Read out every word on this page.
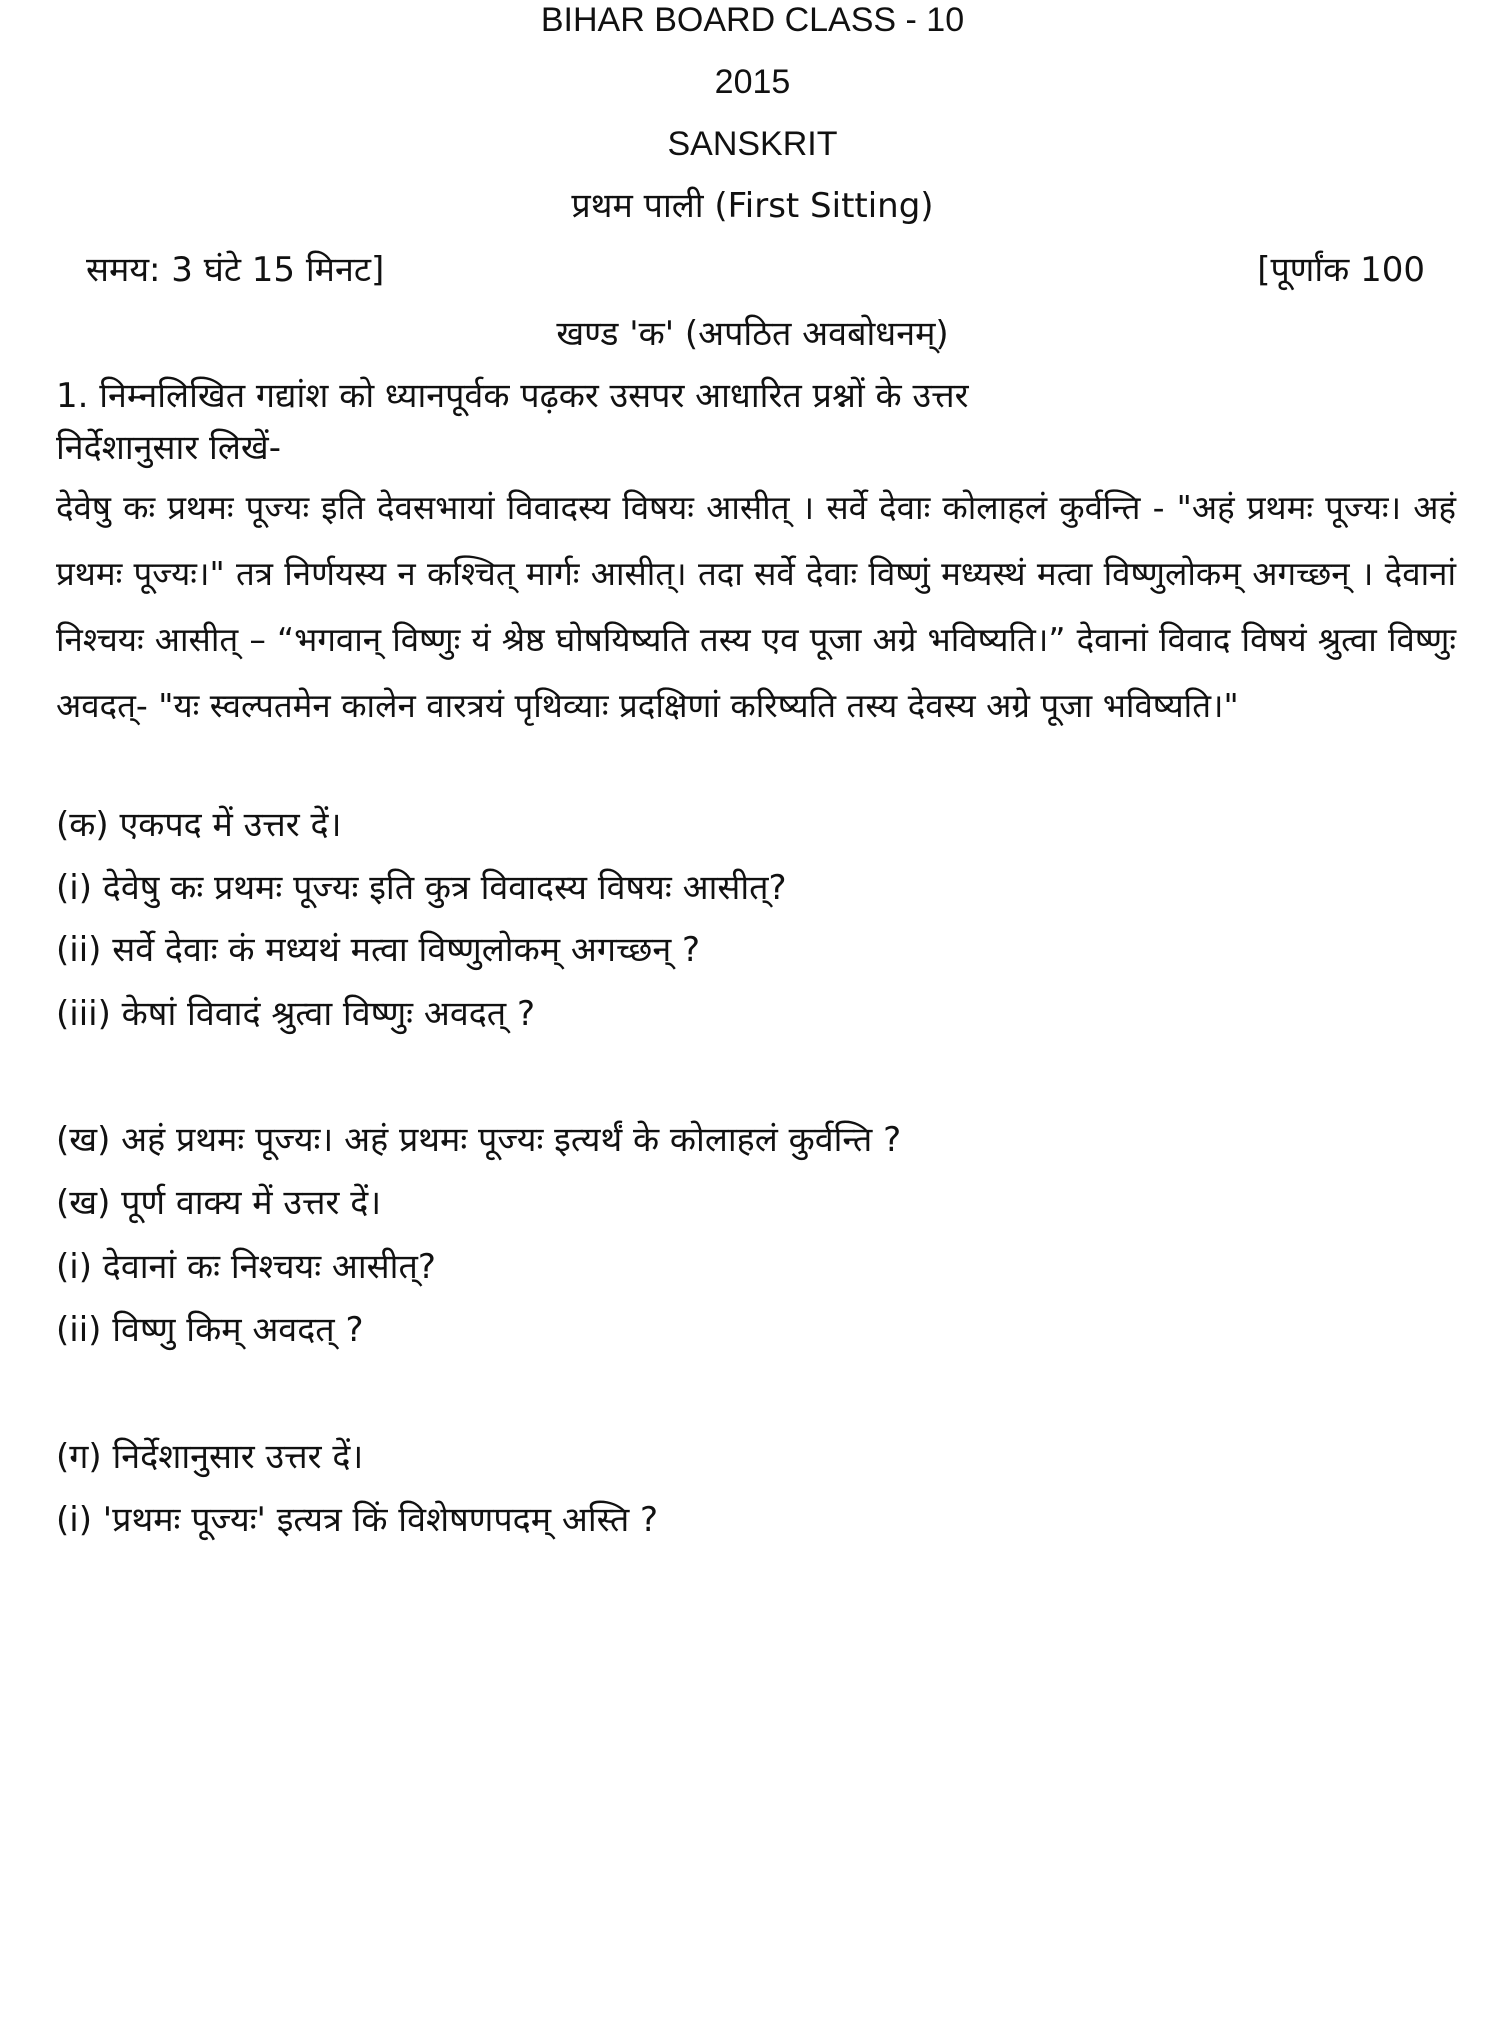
BIHAR BOARD CLASS - 10
2015
SANSKRIT
प्रथम पाली (First Sitting)
समय: 3 घंटे 15 मिनट]	[पूर्णांक 100
खण्ड 'क' (अपठित अवबोधनम्)
1. निम्नलिखित गद्यांश को ध्यानपूर्वक पढ़कर उसपर आधारित प्रश्नों के उत्तर
निर्देशानुसार लिखें-
देवेषु कः प्रथमः पूज्यः इति देवसभायां विवादस्य विषयः आसीत् । सर्वे देवाः कोलाहलं कुर्वन्ति - "अहं प्रथमः पूज्यः। अहं प्रथमः पूज्यः।" तत्र निर्णयस्य न कश्चित् मार्गः आसीत्। तदा सर्वे देवाः विष्णुं मध्यस्थं मत्वा विष्णुलोकम् अगच्छन् । देवानां निश्चयः आसीत् – “भगवान् विष्णुः यं श्रेष्ठ घोषयिष्यति तस्य एव पूजा अग्रे भविष्यति।” देवानां विवाद विषयं श्रुत्वा विष्णुः अवदत्- "यः स्वल्पतमेन कालेन वारत्रयं पृथिव्याः प्रदक्षिणां करिष्यति तस्य देवस्य अग्रे पूजा भविष्यति।"
(क) एकपद में उत्तर दें।
(i) देवेषु कः प्रथमः पूज्यः इति कुत्र विवादस्य विषयः आसीत्?
(ii) सर्वे देवाः कं मध्यथं मत्वा विष्णुलोकम् अगच्छन् ?
(iii) केषां विवादं श्रुत्वा विष्णुः अवदत् ?
(ख) अहं प्रथमः पूज्यः। अहं प्रथमः पूज्यः इत्यर्थं के कोलाहलं कुर्वन्ति ?
(ख) पूर्ण वाक्य में उत्तर दें।
(i) देवानां कः निश्चयः आसीत्?
(ii) विष्णु किम् अवदत् ?
(ग) निर्देशानुसार उत्तर दें।
(i) 'प्रथमः पूज्यः' इत्यत्र किं विशेषणपदम् अस्ति ?
